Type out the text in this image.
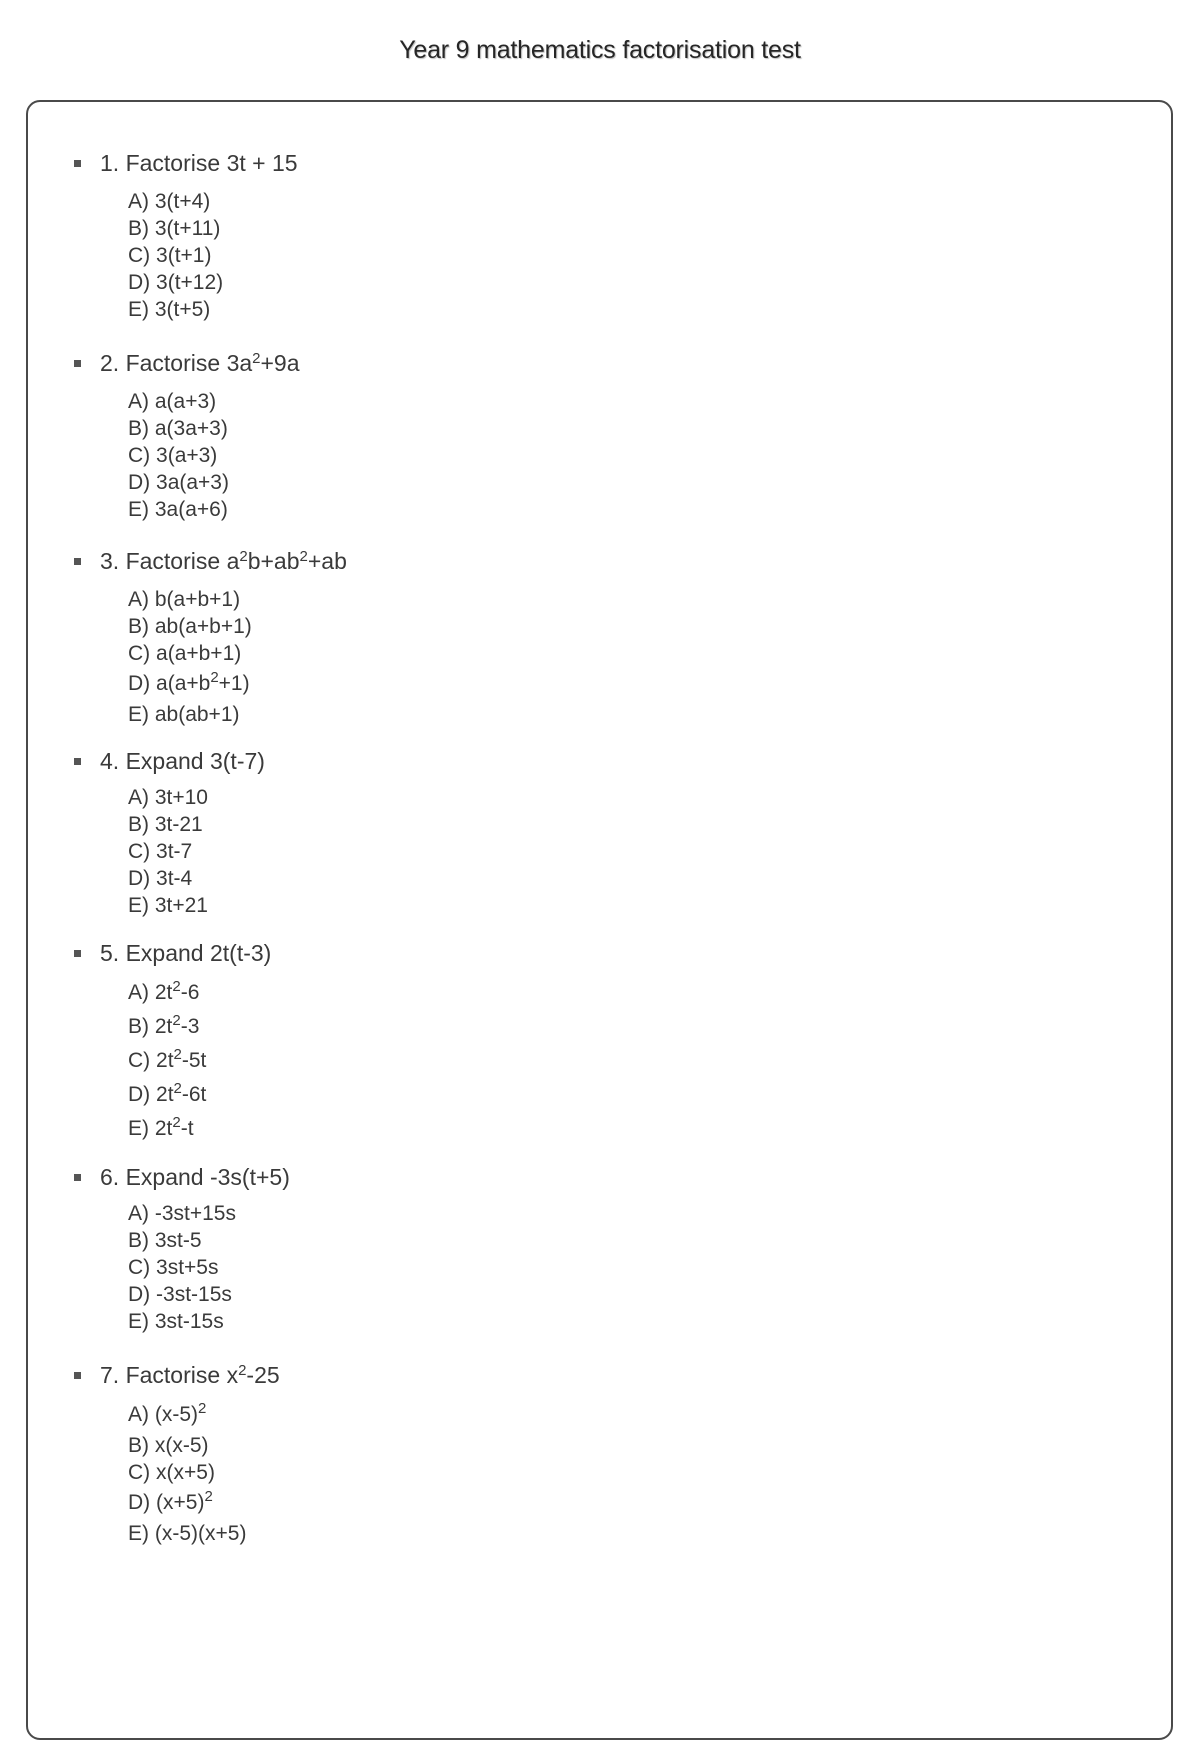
Year 9 mathematics factorisation test
1. Factorise 3t + 15
A) 3(t+4)
B) 3(t+11)
C) 3(t+1)
D) 3(t+12)
E) 3(t+5)
2. Factorise $3a^2+9a$
A) a(a+3)
B) a(3a+3)
C) 3(a+3)
D) 3a(a+3)
E) 3a(a+6)
3. Factorise $a^2b+ab^2+ab$
A) b(a+b+1)
B) ab(a+b+1)
C) a(a+b+1)
D) $a(a+b^2+1)$
E) ab(ab+1)
4. Expand 3(t-7)
A) 3t+10
B) 3t-21
C) 3t-7
D) 3t-4
E) 3t+21
5. Expand 2t(t-3)
A) $2t^2-6$
B) $2t^2-3$
C) $2t^2-5t$
D) $2t^2-6t$
E) $2t^2-t$
6. Expand -3s(t+5)
A) -3st+15s
B) 3st-5
C) 3st+5s
D) -3st-15s
E) 3st-15s
7. Factorise $x^2-25$
A) $(x-5)^2$
B) x(x-5)
C) x(x+5)
D) $(x+5)^2$
E) (x-5)(x+5)
